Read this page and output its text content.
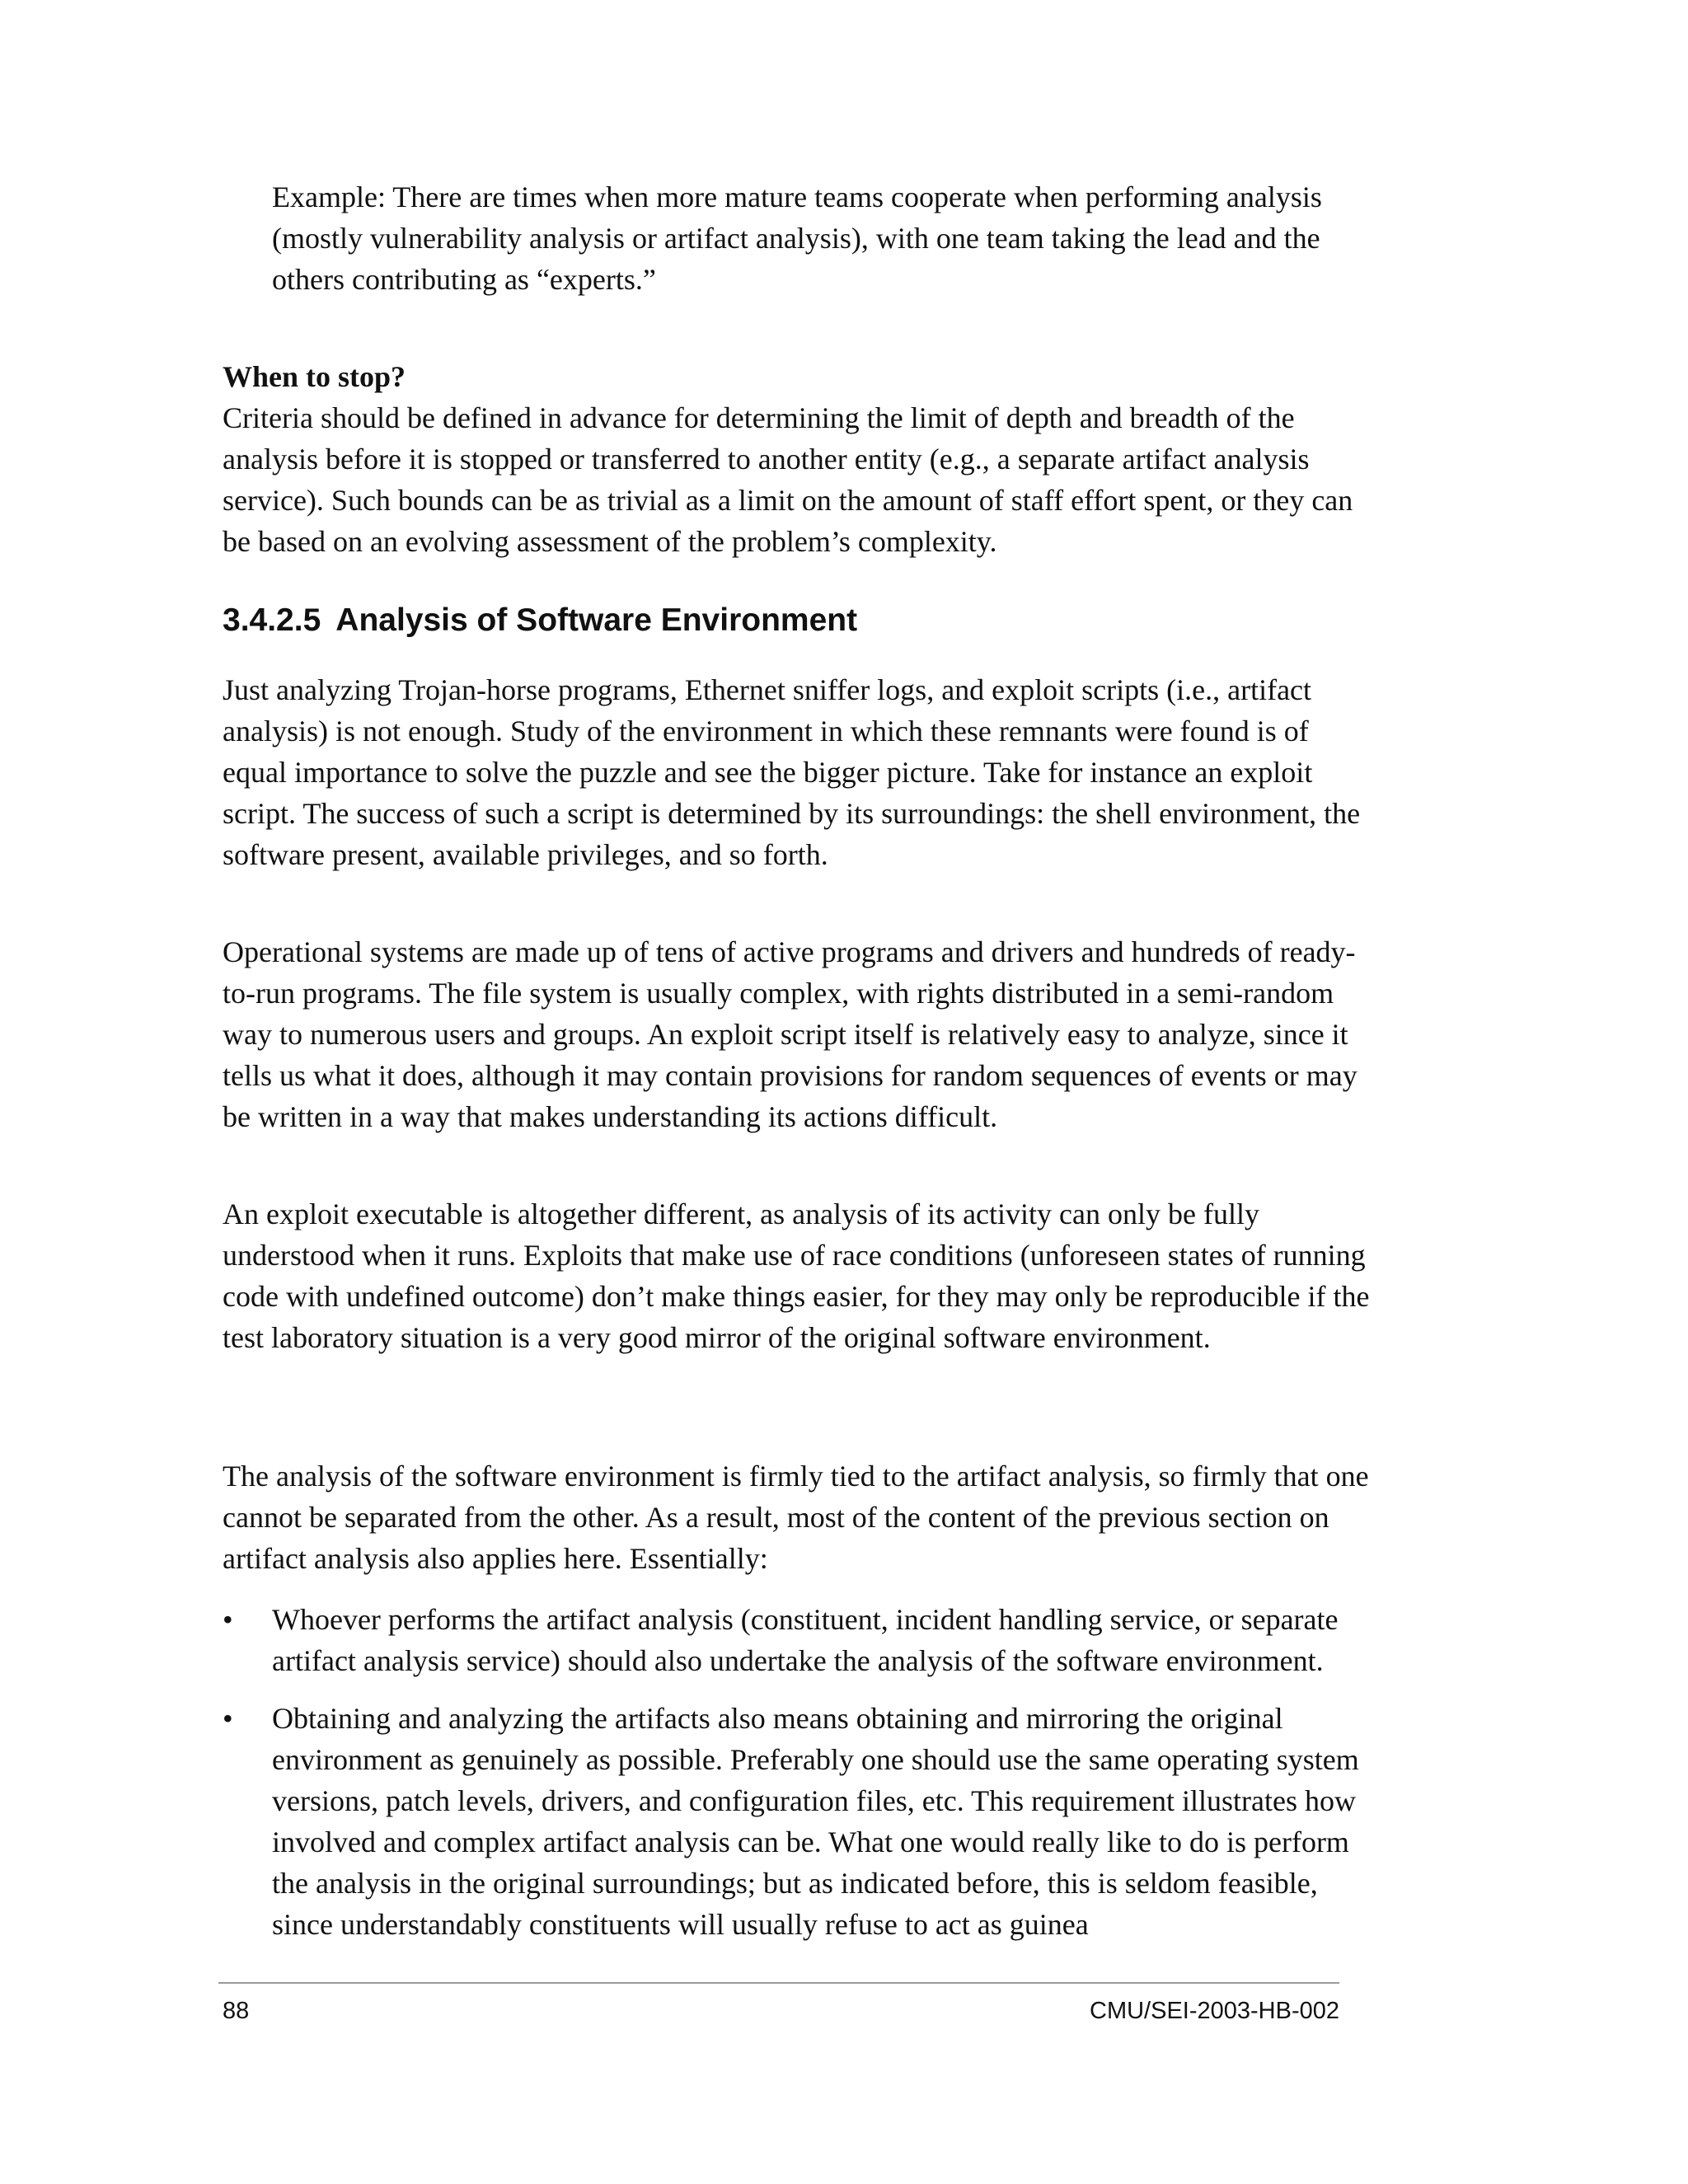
Example: There are times when more mature teams cooperate when performing analysis (mostly vulnerability analysis or artifact analysis), with one team taking the lead and the others contributing as “experts.”

When to stop?

Criteria should be defined in advance for determining the limit of depth and breadth of the analysis before it is stopped or transferred to another entity (e.g., a separate artifact analysis service). Such bounds can be as trivial as a limit on the amount of staff effort spent, or they can be based on an evolving assessment of the problem’s complexity.

3.4.2.5 Analysis of Software Environment

Just analyzing Trojan-horse programs, Ethernet sniffer logs, and exploit scripts (i.e., artifact analysis) is not enough. Study of the environment in which these remnants were found is of equal importance to solve the puzzle and see the bigger picture. Take for instance an exploit script. The success of such a script is determined by its surroundings: the shell environment, the software present, available privileges, and so forth.

Operational systems are made up of tens of active programs and drivers and hundreds of ready-to-run programs. The file system is usually complex, with rights distributed in a semi-random way to numerous users and groups. An exploit script itself is relatively easy to analyze, since it tells us what it does, although it may contain provisions for random sequences of events or may be written in a way that makes understanding its actions difficult.

An exploit executable is altogether different, as analysis of its activity can only be fully understood when it runs. Exploits that make use of race conditions (unforeseen states of running code with undefined outcome) don’t make things easier, for they may only be reproducible if the test laboratory situation is a very good mirror of the original software environment.

The analysis of the software environment is firmly tied to the artifact analysis, so firmly that one cannot be separated from the other. As a result, most of the content of the previous section on artifact analysis also applies here. Essentially:

•	Whoever performs the artifact analysis (constituent, incident handling service, or separate artifact analysis service) should also undertake the analysis of the software environment.
•	Obtaining and analyzing the artifacts also means obtaining and mirroring the original environment as genuinely as possible. Preferably one should use the same operating system versions, patch levels, drivers, and configuration files, etc. This requirement illustrates how involved and complex artifact analysis can be. What one would really like to do is perform the analysis in the original surroundings; but as indicated before, this is seldom feasible, since understandably constituents will usually refuse to act as guinea
88	CMU/SEI-2003-HB-002
